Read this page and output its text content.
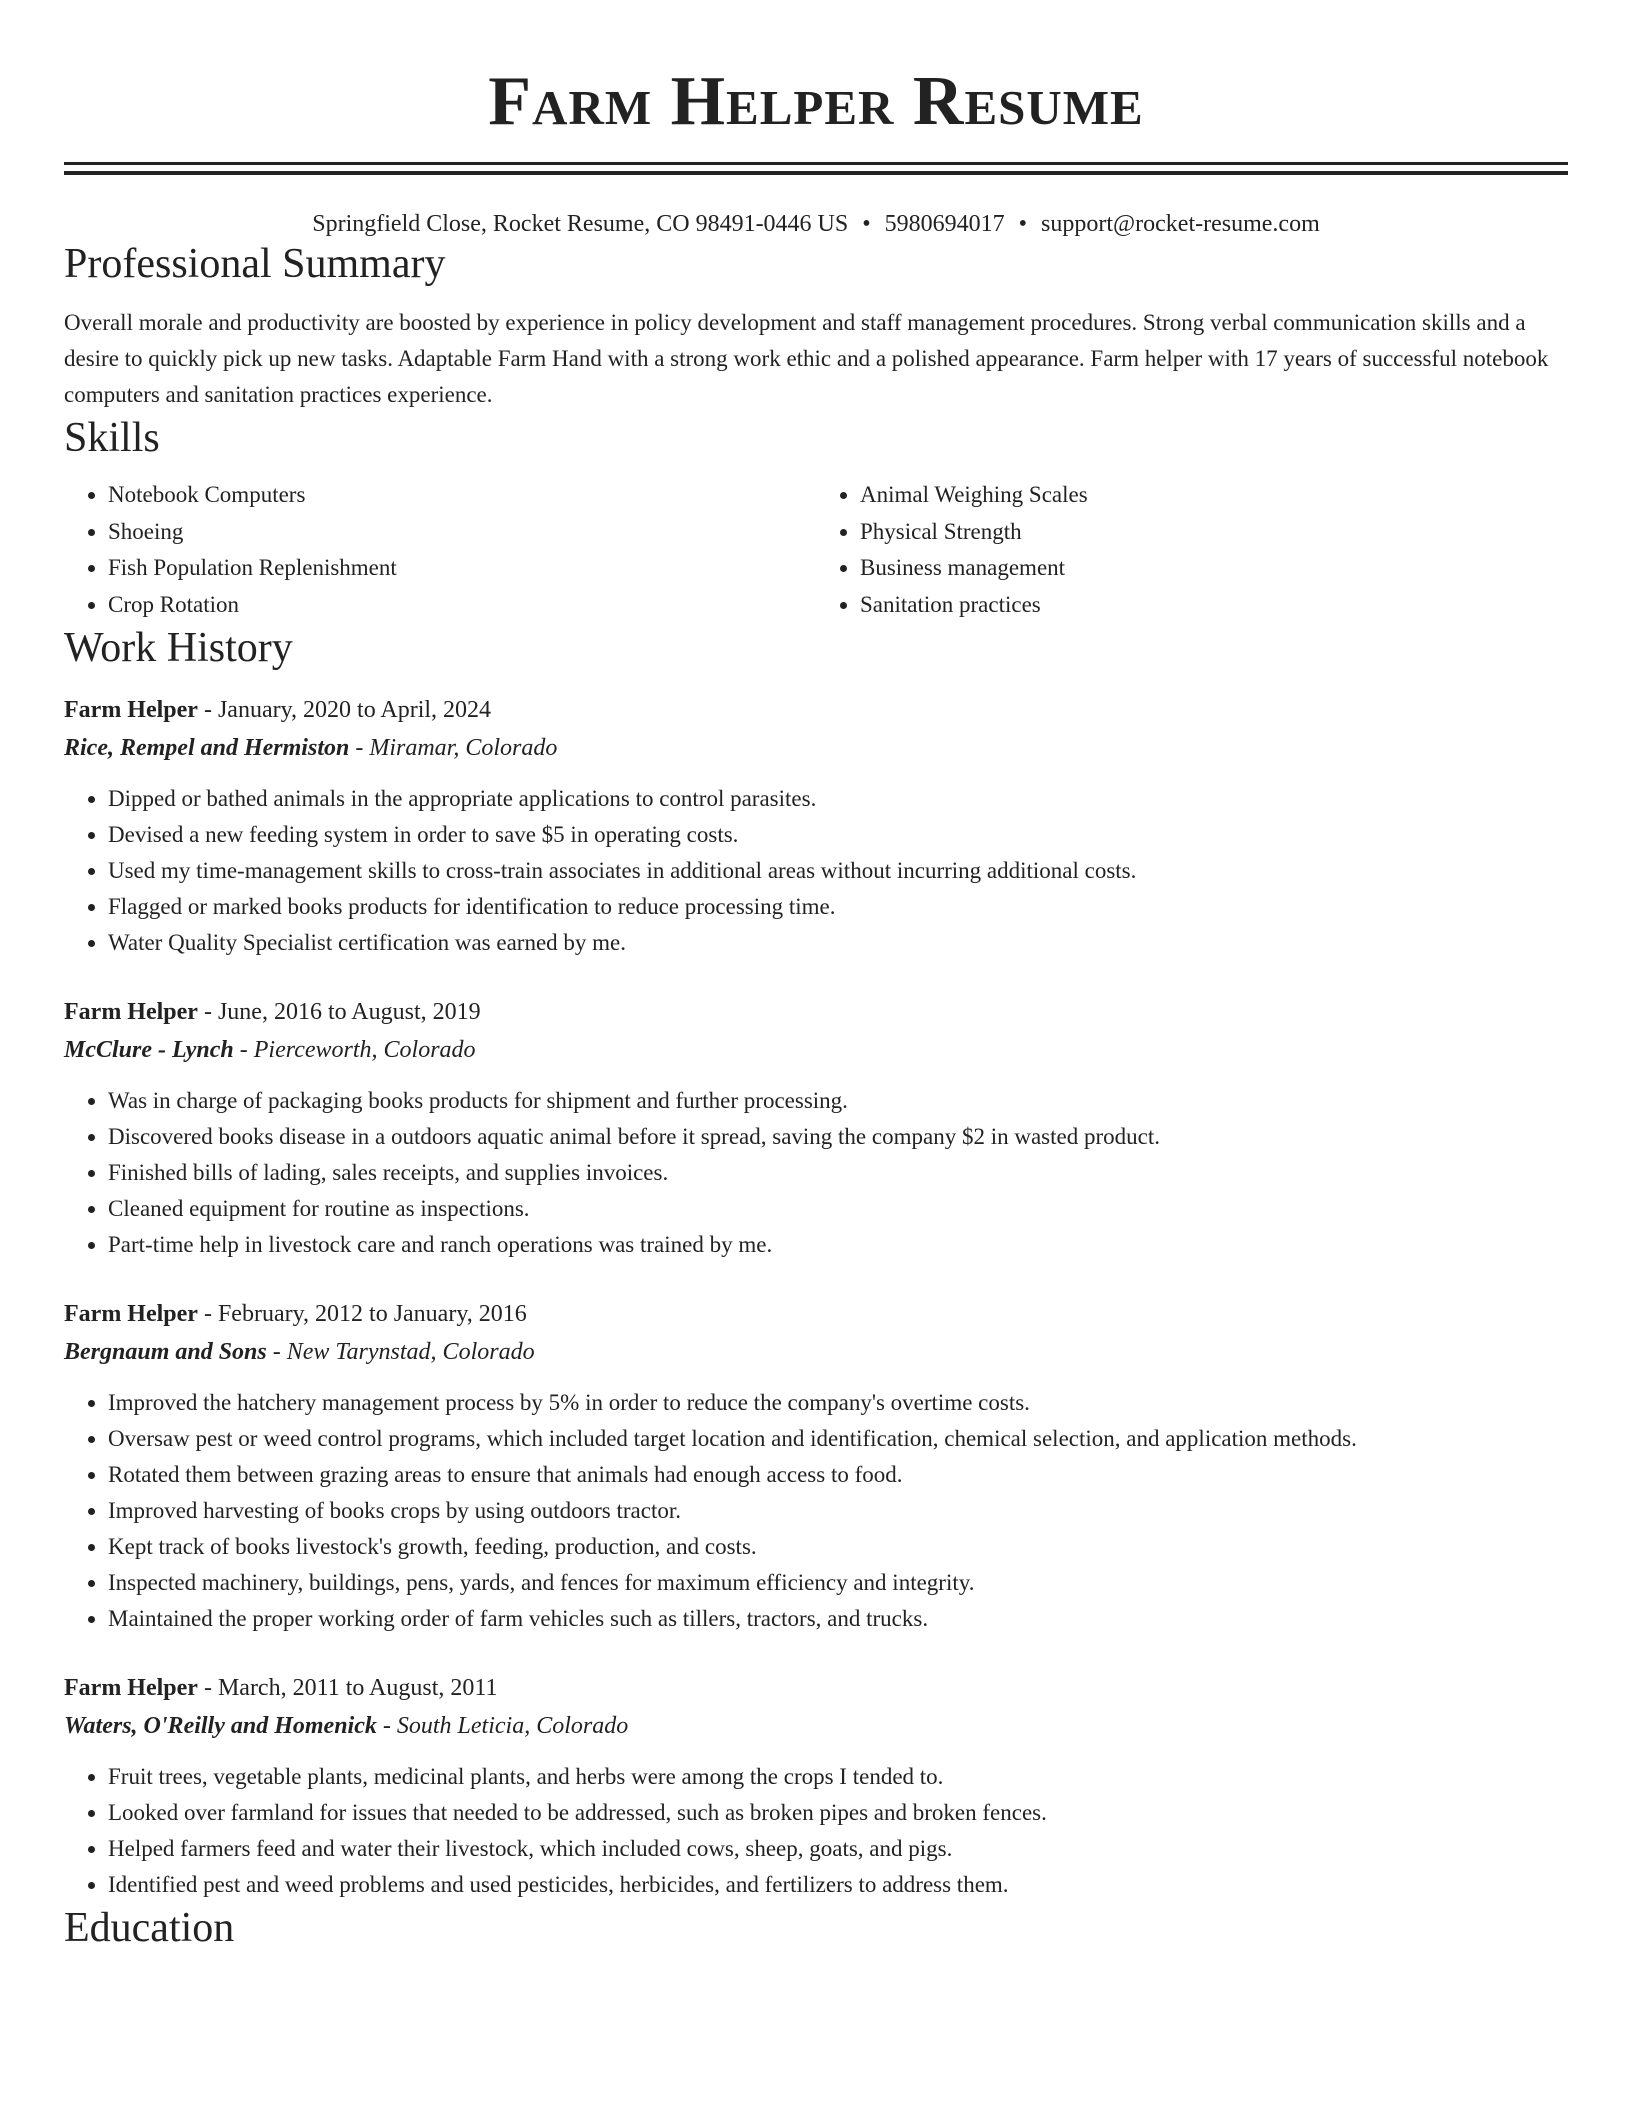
Farm Helper Resume
Springfield Close, Rocket Resume, CO 98491-0446 US • 5980694017 • support@rocket-resume.com
Professional Summary

Overall morale and productivity are boosted by experience in policy development and staff management procedures. Strong verbal communication skills and a desire to quickly pick up new tasks. Adaptable Farm Hand with a strong work ethic and a polished appearance. Farm helper with 17 years of successful notebook computers and sanitation practices experience.

Skills
• Notebook Computers
• Shoeing
• Fish Population Replenishment
• Crop Rotation
• Animal Weighing Scales
• Physical Strength
• Business management
• Sanitation practices
Work History
Farm Helper - January, 2020 to April, 2024
Rice, Rempel and Hermiston - Miramar, Colorado
• Dipped or bathed animals in the appropriate applications to control parasites.
• Devised a new feeding system in order to save $5 in operating costs.
• Used my time-management skills to cross-train associates in additional areas without incurring additional costs.
• Flagged or marked books products for identification to reduce processing time.
• Water Quality Specialist certification was earned by me.
Farm Helper - June, 2016 to August, 2019
McClure - Lynch - Pierceworth, Colorado
• Was in charge of packaging books products for shipment and further processing.
• Discovered books disease in a outdoors aquatic animal before it spread, saving the company $2 in wasted product.
• Finished bills of lading, sales receipts, and supplies invoices.
• Cleaned equipment for routine as inspections.
• Part-time help in livestock care and ranch operations was trained by me.
Farm Helper - February, 2012 to January, 2016
Bergnaum and Sons - New Tarynstad, Colorado
• Improved the hatchery management process by 5% in order to reduce the company's overtime costs.
• Oversaw pest or weed control programs, which included target location and identification, chemical selection, and application methods.
• Rotated them between grazing areas to ensure that animals had enough access to food.
• Improved harvesting of books crops by using outdoors tractor.
• Kept track of books livestock's growth, feeding, production, and costs.
• Inspected machinery, buildings, pens, yards, and fences for maximum efficiency and integrity.
• Maintained the proper working order of farm vehicles such as tillers, tractors, and trucks.
Farm Helper - March, 2011 to August, 2011
Waters, O'Reilly and Homenick - South Leticia, Colorado
• Fruit trees, vegetable plants, medicinal plants, and herbs were among the crops I tended to.
• Looked over farmland for issues that needed to be addressed, such as broken pipes and broken fences.
• Helped farmers feed and water their livestock, which included cows, sheep, goats, and pigs.
• Identified pest and weed problems and used pesticides, herbicides, and fertilizers to address them.
Education
